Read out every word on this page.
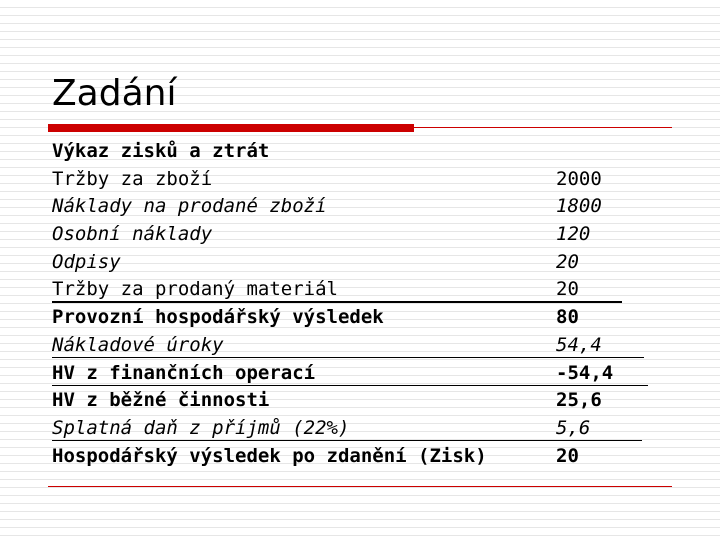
Zadání
Výkaz zisků a ztrát
Tržby za zboží	2000
Náklady na prodané zboží	1800
Osobní náklady	120
Odpisy	20
Tržby za prodaný materiál	20
Provozní hospodářský výsledek	80
Nákladové úroky	54,4
HV z finančních operací	-54,4
HV z běžné činnosti	25,6
Splatná daň z příjmů (22%)	5,6
Hospodářský výsledek po zdanění (Zisk)	20
